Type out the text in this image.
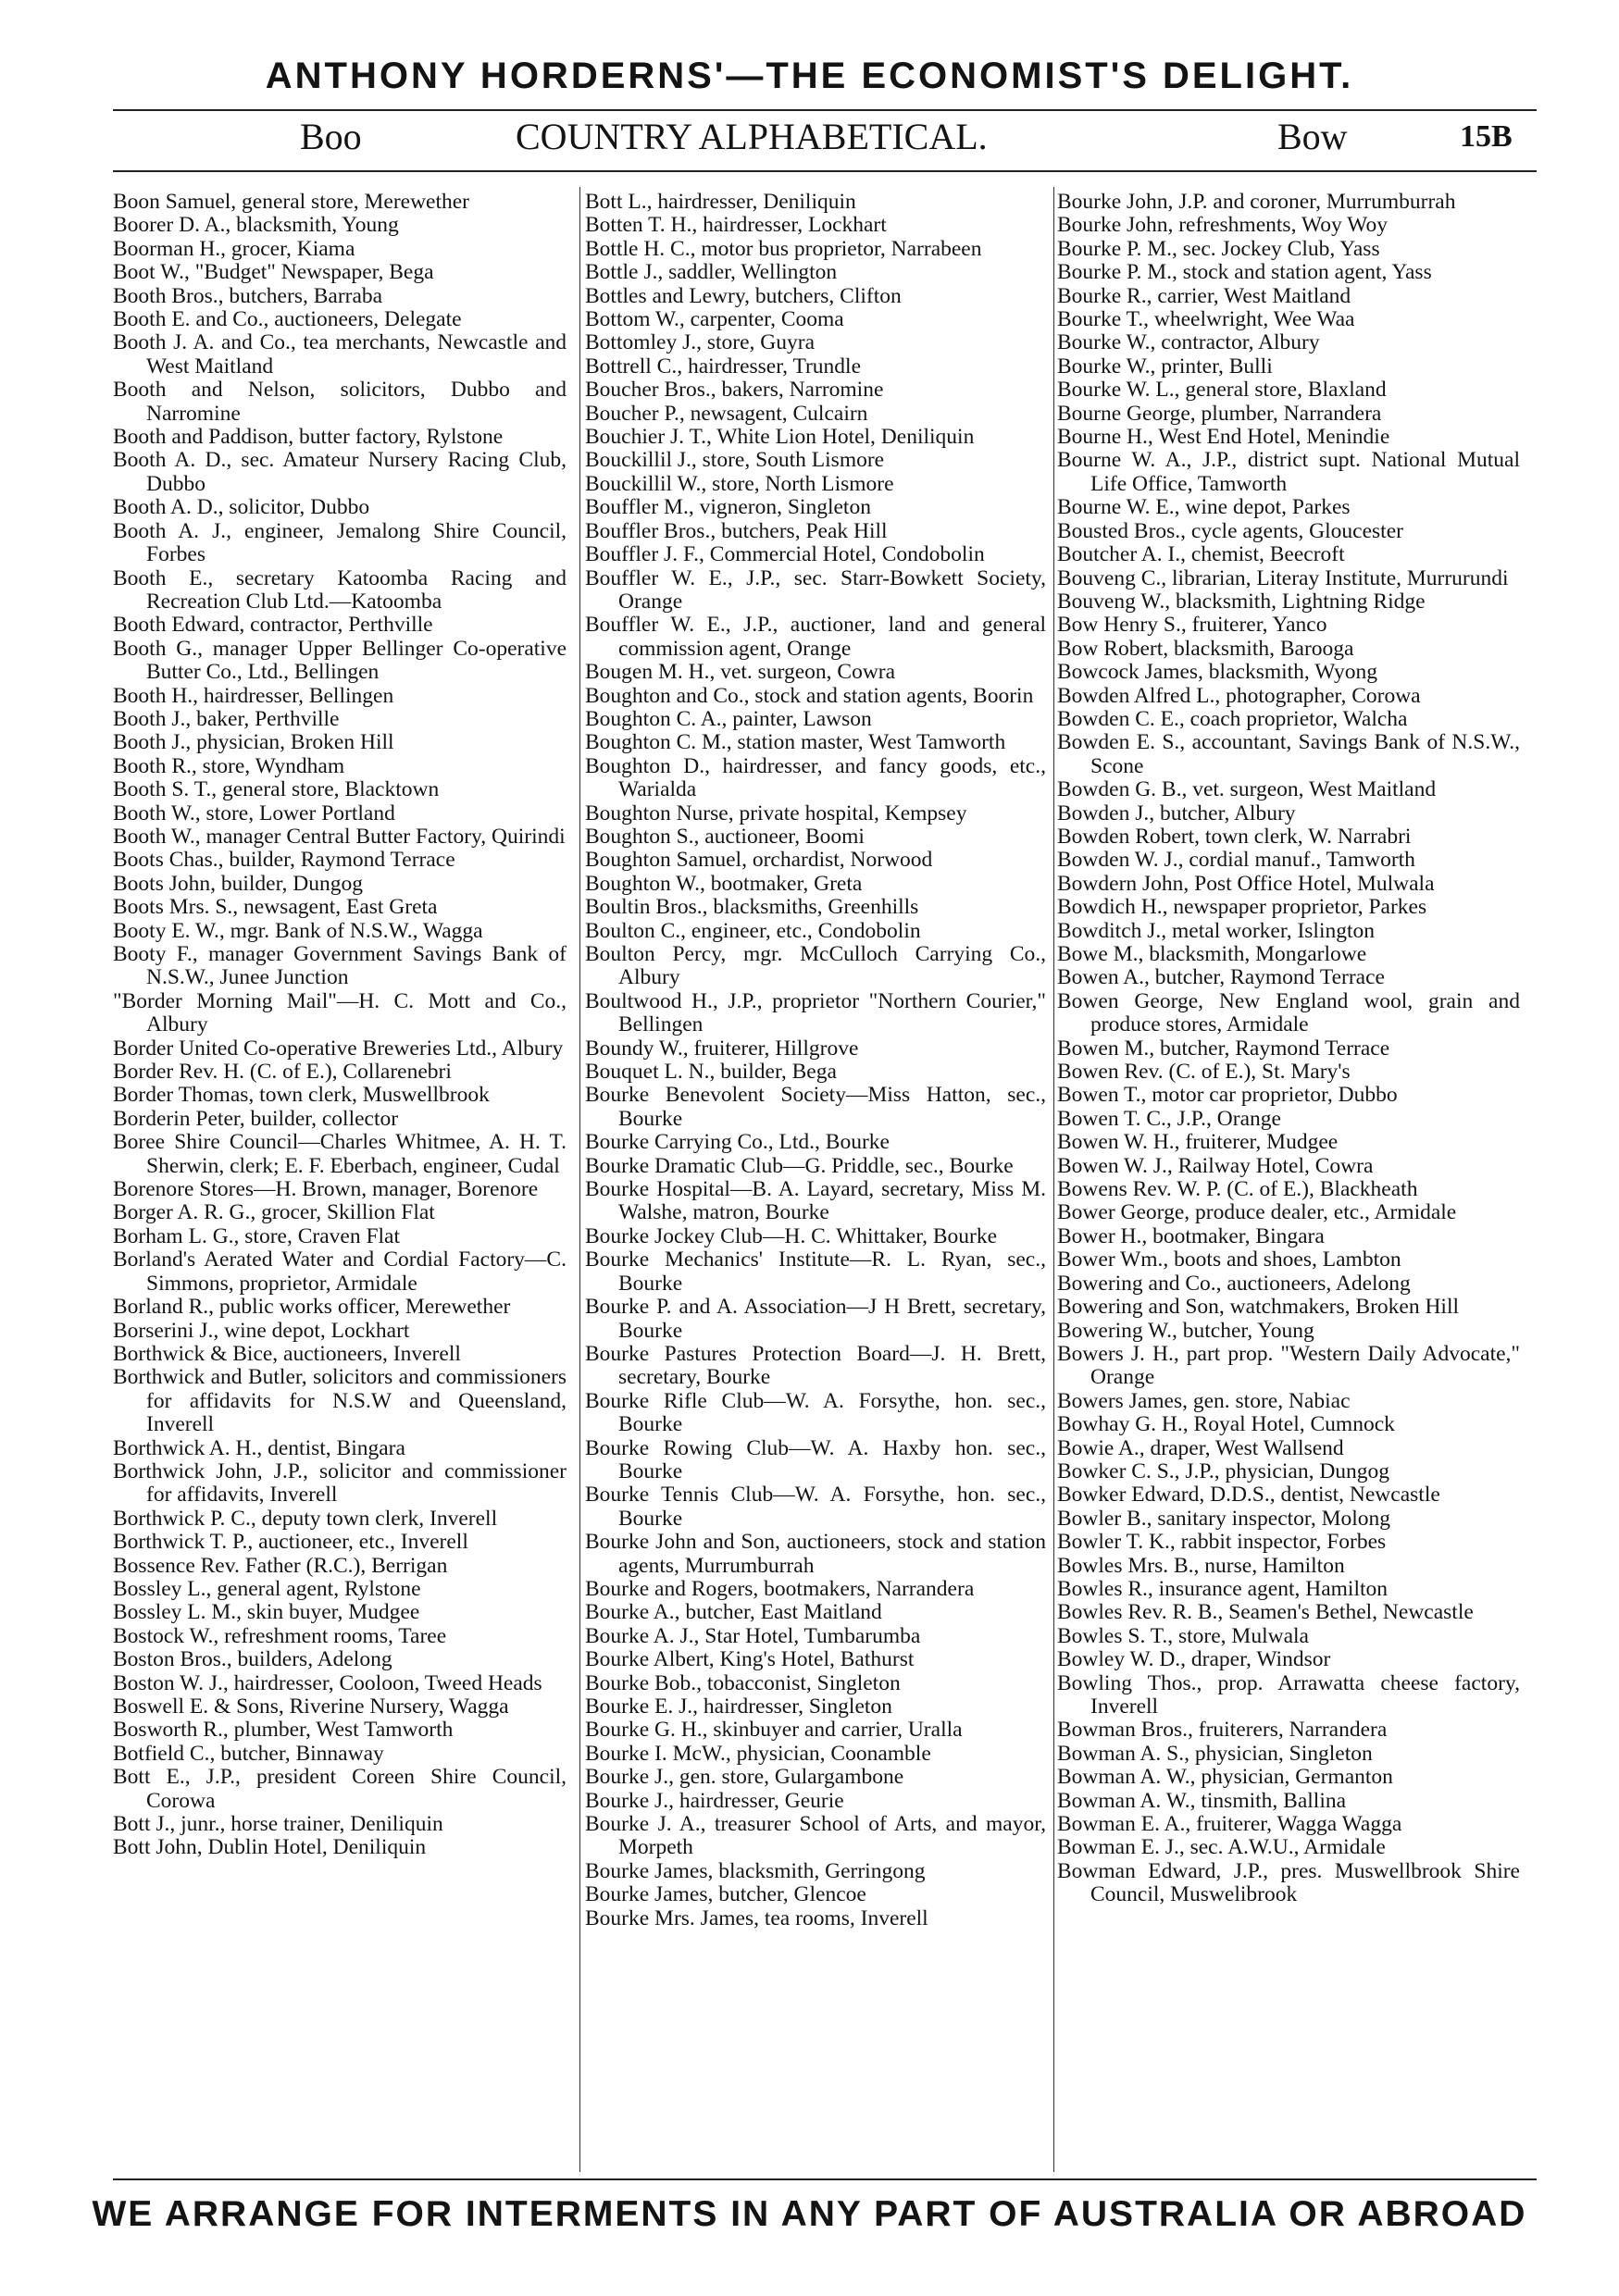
ANTHONY HORDERNS'—THE ECONOMIST'S DELIGHT.
Boo	COUNTRY ALPHABETICAL.	Bow	15B
Boon Samuel, general store, Merewether
Boorer D. A., blacksmith, Young
Boorman H., grocer, Kiama
Boot W., "Budget" Newspaper, Bega
Booth Bros., butchers, Barraba
Booth E. and Co., auctioneers, Delegate
Booth J. A. and Co., tea merchants, Newcastle and West Maitland
Booth and Nelson, solicitors, Dubbo and Narromine
Booth and Paddison, butter factory, Rylstone
Booth A. D., sec. Amateur Nursery Racing Club, Dubbo
Booth A. D., solicitor, Dubbo
Booth A. J., engineer, Jemalong Shire Council, Forbes
Booth E., secretary Katoomba Racing and Recreation Club Ltd.—Katoomba
Booth Edward, contractor, Perthville
Booth G., manager Upper Bellinger Co-operative Butter Co., Ltd., Bellingen
Booth H., hairdresser, Bellingen
Booth J., baker, Perthville
Booth J., physician, Broken Hill
Booth R., store, Wyndham
Booth S. T., general store, Blacktown
Booth W., store, Lower Portland
Booth W., manager Central Butter Factory, Quirindi
Boots Chas., builder, Raymond Terrace
Boots John, builder, Dungog
Boots Mrs. S., newsagent, East Greta
Booty E. W., mgr. Bank of N.S.W., Wagga
Booty F., manager Government Savings Bank of N.S.W., Junee Junction
"Border Morning Mail"—H. C. Mott and Co., Albury
Border United Co-operative Breweries Ltd., Albury
Border Rev. H. (C. of E.), Collarenebri
Border Thomas, town clerk, Muswellbrook
Borderin Peter, builder, collector
Boree Shire Council—Charles Whitmee, A. H. T. Sherwin, clerk; E. F. Eberbach, engineer, Cudal
Borenore Stores—H. Brown, manager, Borenore
Borger A. R. G., grocer, Skillion Flat
Borham L. G., store, Craven Flat
Borland's Aerated Water and Cordial Factory—C. Simmons, proprietor, Armidale
Borland R., public works officer, Merewether
Borserini J., wine depot, Lockhart
Borthwick & Bice, auctioneers, Inverell
Borthwick and Butler, solicitors and commissioners for affidavits for N.S.W and Queensland, Inverell
Borthwick A. H., dentist, Bingara
Borthwick John, J.P., solicitor and commissioner for affidavits, Inverell
Borthwick P. C., deputy town clerk, Inverell
Borthwick T. P., auctioneer, etc., Inverell
Bossence Rev. Father (R.C.), Berrigan
Bossley L., general agent, Rylstone
Bossley L. M., skin buyer, Mudgee
Bostock W., refreshment rooms, Taree
Boston Bros., builders, Adelong
Boston W. J., hairdresser, Cooloon, Tweed Heads
Boswell E. & Sons, Riverine Nursery, Wagga
Bosworth R., plumber, West Tamworth
Botfield C., butcher, Binnaway
Bott E., J.P., president Coreen Shire Council, Corowa
Bott J., junr., horse trainer, Deniliquin
Bott John, Dublin Hotel, Deniliquin
Bott L., hairdresser, Deniliquin
Botten T. H., hairdresser, Lockhart
Bottle H. C., motor bus proprietor, Narrabeen
Bottle J., saddler, Wellington
Bottles and Lewry, butchers, Clifton
Bottom W., carpenter, Cooma
Bottomley J., store, Guyra
Bottrell C., hairdresser, Trundle
Boucher Bros., bakers, Narromine
Boucher P., newsagent, Culcairn
Bouchier J. T., White Lion Hotel, Deniliquin
Bouckillil J., store, South Lismore
Bouckillil W., store, North Lismore
Bouffler M., vigneron, Singleton
Bouffler Bros., butchers, Peak Hill
Bouffler J. F., Commercial Hotel, Condobolin
Bouffler W. E., J.P., sec. Starr-Bowkett Society, Orange
Bouffler W. E., J.P., auctioner, land and general commission agent, Orange
Bougen M. H., vet. surgeon, Cowra
Boughton and Co., stock and station agents, Boorin
Boughton C. A., painter, Lawson
Boughton C. M., station master, West Tamworth
Boughton D., hairdresser, and fancy goods, etc., Warialda
Boughton Nurse, private hospital, Kempsey
Boughton S., auctioneer, Boomi
Boughton Samuel, orchardist, Norwood
Boughton W., bootmaker, Greta
Boultin Bros., blacksmiths, Greenhills
Boulton C., engineer, etc., Condobolin
Boulton Percy, mgr. McCulloch Carrying Co., Albury
Boultwood H., J.P., proprietor "Northern Courier," Bellingen
Boundy W., fruiterer, Hillgrove
Bouquet L. N., builder, Bega
Bourke Benevolent Society—Miss Hatton, sec., Bourke
Bourke Carrying Co., Ltd., Bourke
Bourke Dramatic Club—G. Priddle, sec., Bourke
Bourke Hospital—B. A. Layard, secretary, Miss M. Walshe, matron, Bourke
Bourke Jockey Club—H. C. Whittaker, Bourke
Bourke Mechanics' Institute—R. L. Ryan, sec., Bourke
Bourke P. and A. Association—J H Brett, secretary, Bourke
Bourke Pastures Protection Board—J. H. Brett, secretary, Bourke
Bourke Rifle Club—W. A. Forsythe, hon. sec., Bourke
Bourke Rowing Club—W. A. Haxby hon. sec., Bourke
Bourke Tennis Club—W. A. Forsythe, hon. sec., Bourke
Bourke John and Son, auctioneers, stock and station agents, Murrumburrah
Bourke and Rogers, bootmakers, Narrandera
Bourke A., butcher, East Maitland
Bourke A. J., Star Hotel, Tumbarumba
Bourke Albert, King's Hotel, Bathurst
Bourke Bob., tobacconist, Singleton
Bourke E. J., hairdresser, Singleton
Bourke G. H., skinbuyer and carrier, Uralla
Bourke I. McW., physician, Coonamble
Bourke J., gen. store, Gulargambone
Bourke J., hairdresser, Geurie
Bourke J. A., treasurer School of Arts, and mayor, Morpeth
Bourke James, blacksmith, Gerringong
Bourke James, butcher, Glencoe
Bourke Mrs. James, tea rooms, Inverell
Bourke John, J.P. and coroner, Murrumburrah
Bourke John, refreshments, Woy Woy
Bourke P. M., sec. Jockey Club, Yass
Bourke P. M., stock and station agent, Yass
Bourke R., carrier, West Maitland
Bourke T., wheelwright, Wee Waa
Bourke W., contractor, Albury
Bourke W., printer, Bulli
Bourke W. L., general store, Blaxland
Bourne George, plumber, Narrandera
Bourne H., West End Hotel, Menindie
Bourne W. A., J.P., district supt. National Mutual Life Office, Tamworth
Bourne W. E., wine depot, Parkes
Bousted Bros., cycle agents, Gloucester
Boutcher A. I., chemist, Beecroft
Bouveng C., librarian, Literay Institute, Murrurundi
Bouveng W., blacksmith, Lightning Ridge
Bow Henry S., fruiterer, Yanco
Bow Robert, blacksmith, Barooga
Bowcock James, blacksmith, Wyong
Bowden Alfred L., photographer, Corowa
Bowden C. E., coach proprietor, Walcha
Bowden E. S., accountant, Savings Bank of N.S.W., Scone
Bowden G. B., vet. surgeon, West Maitland
Bowden J., butcher, Albury
Bowden Robert, town clerk, W. Narrabri
Bowden W. J., cordial manuf., Tamworth
Bowdern John, Post Office Hotel, Mulwala
Bowdich H., newspaper proprietor, Parkes
Bowditch J., metal worker, Islington
Bowe M., blacksmith, Mongarlowe
Bowen A., butcher, Raymond Terrace
Bowen George, New England wool, grain and produce stores, Armidale
Bowen M., butcher, Raymond Terrace
Bowen Rev. (C. of E.), St. Mary's
Bowen T., motor car proprietor, Dubbo
Bowen T. C., J.P., Orange
Bowen W. H., fruiterer, Mudgee
Bowen W. J., Railway Hotel, Cowra
Bowens Rev. W. P. (C. of E.), Blackheath
Bower George, produce dealer, etc., Armidale
Bower H., bootmaker, Bingara
Bower Wm., boots and shoes, Lambton
Bowering and Co., auctioneers, Adelong
Bowering and Son, watchmakers, Broken Hill
Bowering W., butcher, Young
Bowers J. H., part prop. "Western Daily Advocate," Orange
Bowers James, gen. store, Nabiac
Bowhay G. H., Royal Hotel, Cumnock
Bowie A., draper, West Wallsend
Bowker C. S., J.P., physician, Dungog
Bowker Edward, D.D.S., dentist, Newcastle
Bowler B., sanitary inspector, Molong
Bowler T. K., rabbit inspector, Forbes
Bowles Mrs. B., nurse, Hamilton
Bowles R., insurance agent, Hamilton
Bowles Rev. R. B., Seamen's Bethel, Newcastle
Bowles S. T., store, Mulwala
Bowley W. D., draper, Windsor
Bowling Thos., prop. Arrawatta cheese factory, Inverell
Bowman Bros., fruiterers, Narrandera
Bowman A. S., physician, Singleton
Bowman A. W., physician, Germanton
Bowman A. W., tinsmith, Ballina
Bowman E. A., fruiterer, Wagga Wagga
Bowman E. J., sec. A.W.U., Armidale
Bowman Edward, J.P., pres. Muswellbrook Shire Council, Muswelibrook
WE ARRANGE FOR INTERMENTS IN ANY PART OF AUSTRALIA OR ABROAD
